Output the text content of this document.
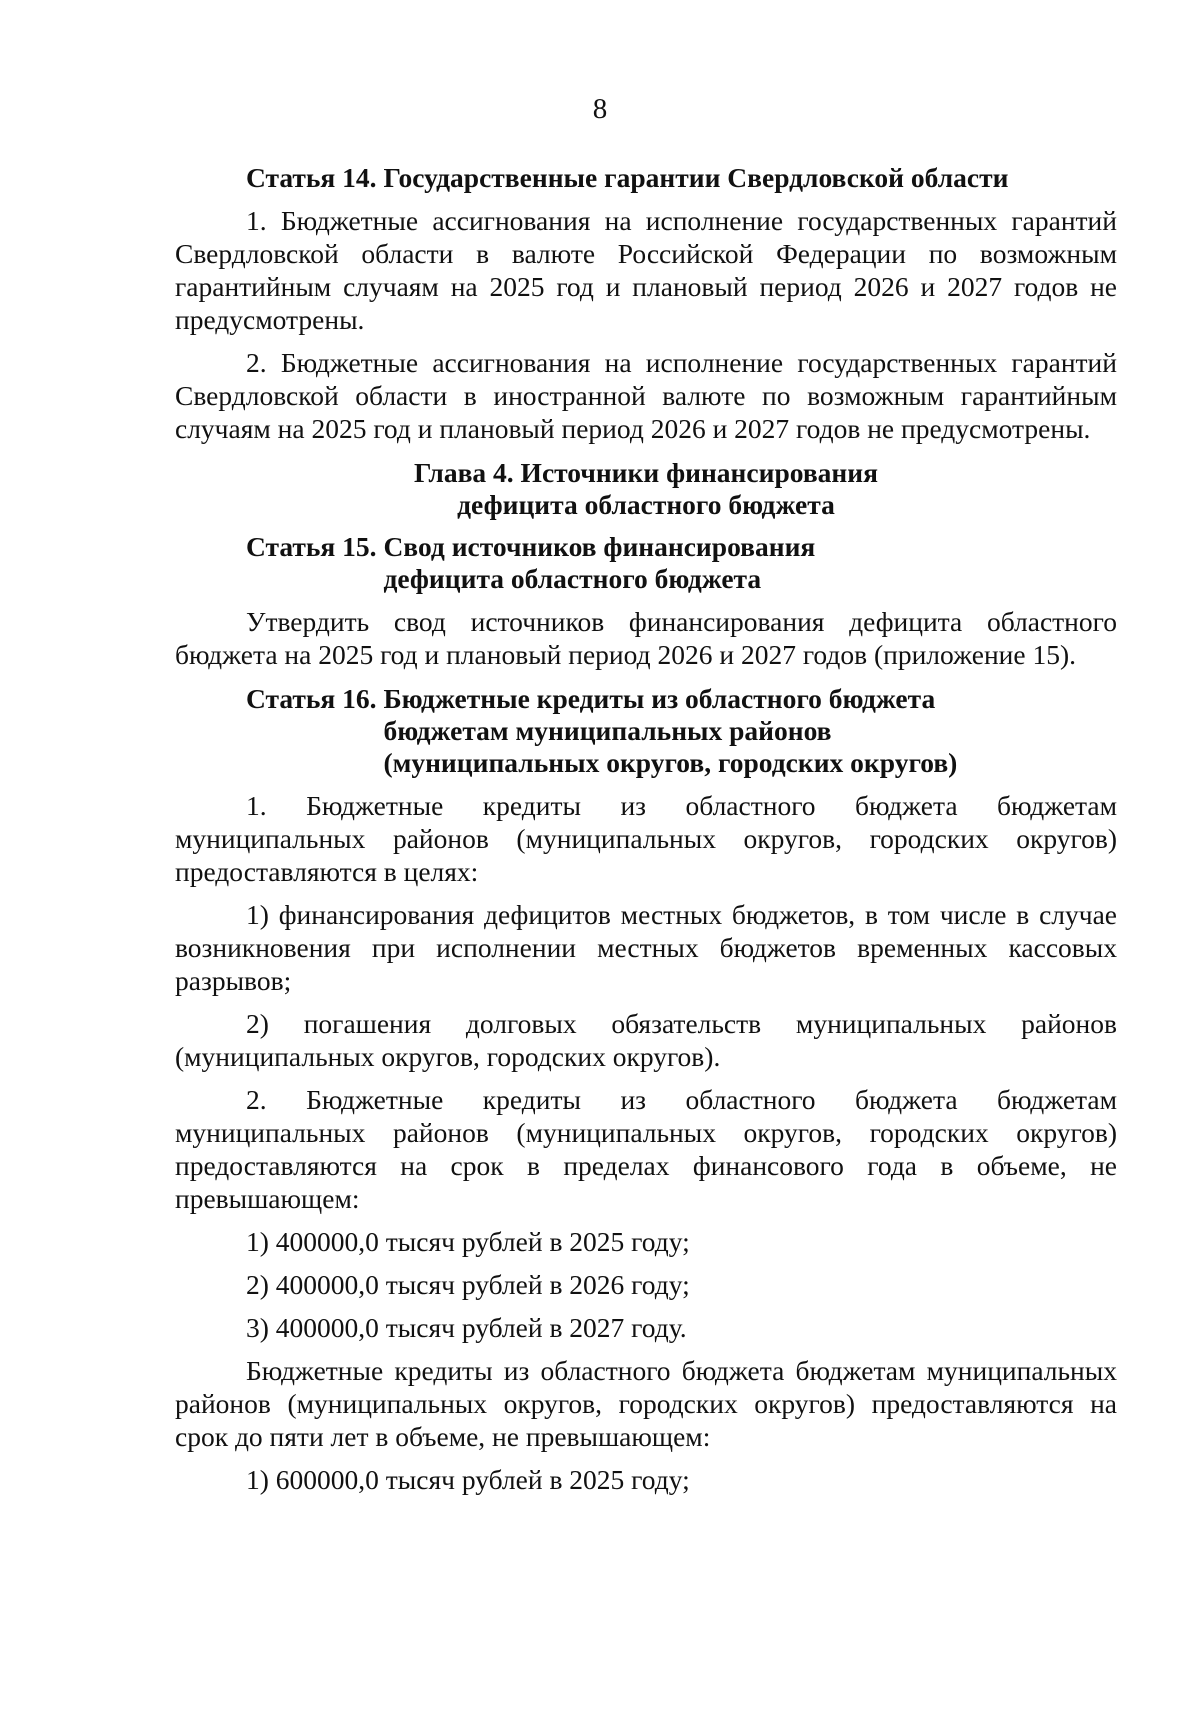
8
Статья 14. Государственные гарантии Свердловской области

1. Бюджетные ассигнования на исполнение государственных гарантий Свердловской области в валюте Российской Федерации по возможным гарантийным случаям на 2025 год и плановый период 2026 и 2027 годов не предусмотрены.

2. Бюджетные ассигнования на исполнение государственных гарантий Свердловской области в иностранной валюте по возможным гарантийным случаям на 2025 год и плановый период 2026 и 2027 годов не предусмотрены.

Глава 4. Источники финансирования
дефицита областного бюджета
Статья 15. Свод источников финансирования
дефицита областного бюджета

Утвердить свод источников финансирования дефицита областного бюджета на 2025 год и плановый период 2026 и 2027 годов (приложение 15).

Статья 16. Бюджетные кредиты из областного бюджета
бюджетам муниципальных районов
(муниципальных округов, городских округов)

1. Бюджетные кредиты из областного бюджета бюджетам муниципальных районов (муниципальных округов, городских округов) предоставляются в целях:

1) финансирования дефицитов местных бюджетов, в том числе в случае возникновения при исполнении местных бюджетов временных кассовых разрывов;

2) погашения долговых обязательств муниципальных районов (муниципальных округов, городских округов).

2. Бюджетные кредиты из областного бюджета бюджетам муниципальных районов (муниципальных округов, городских округов) предоставляются на срок в пределах финансового года в объеме, не превышающем:

1) 400000,0 тысяч рублей в 2025 году;

2) 400000,0 тысяч рублей в 2026 году;

3) 400000,0 тысяч рублей в 2027 году.

Бюджетные кредиты из областного бюджета бюджетам муниципальных районов (муниципальных округов, городских округов) предоставляются на срок до пяти лет в объеме, не превышающем:

1) 600000,0 тысяч рублей в 2025 году;
